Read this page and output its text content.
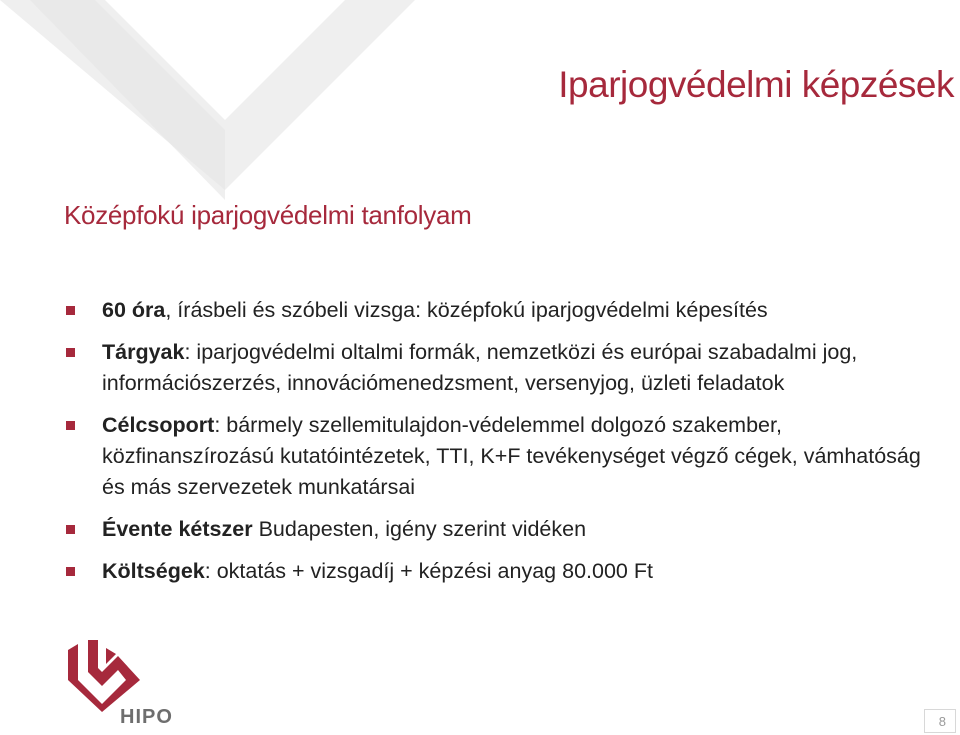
Iparjogvédelmi képzések
Középfokú iparjogvédelmi tanfolyam
60 óra, írásbeli és szóbeli vizsga: középfokú iparjogvédelmi képesítés
Tárgyak: iparjogvédelmi oltalmi formák, nemzetközi és európai szabadalmi jog, információszerzés, innovációmenedzsment, versenyjog, üzleti feladatok
Célcsoport: bármely szellemitulajdon-védelemmel dolgozó szakember, közfinanszírozású kutatóintézetek, TTI, K+F tevékenységet végző cégek, vámhatóság és más szervezetek munkatársai
Évente kétszer Budapesten, igény szerint vidéken
Költségek: oktatás + vizsgadíj + képzési anyag 80.000 Ft
HIPO	8
